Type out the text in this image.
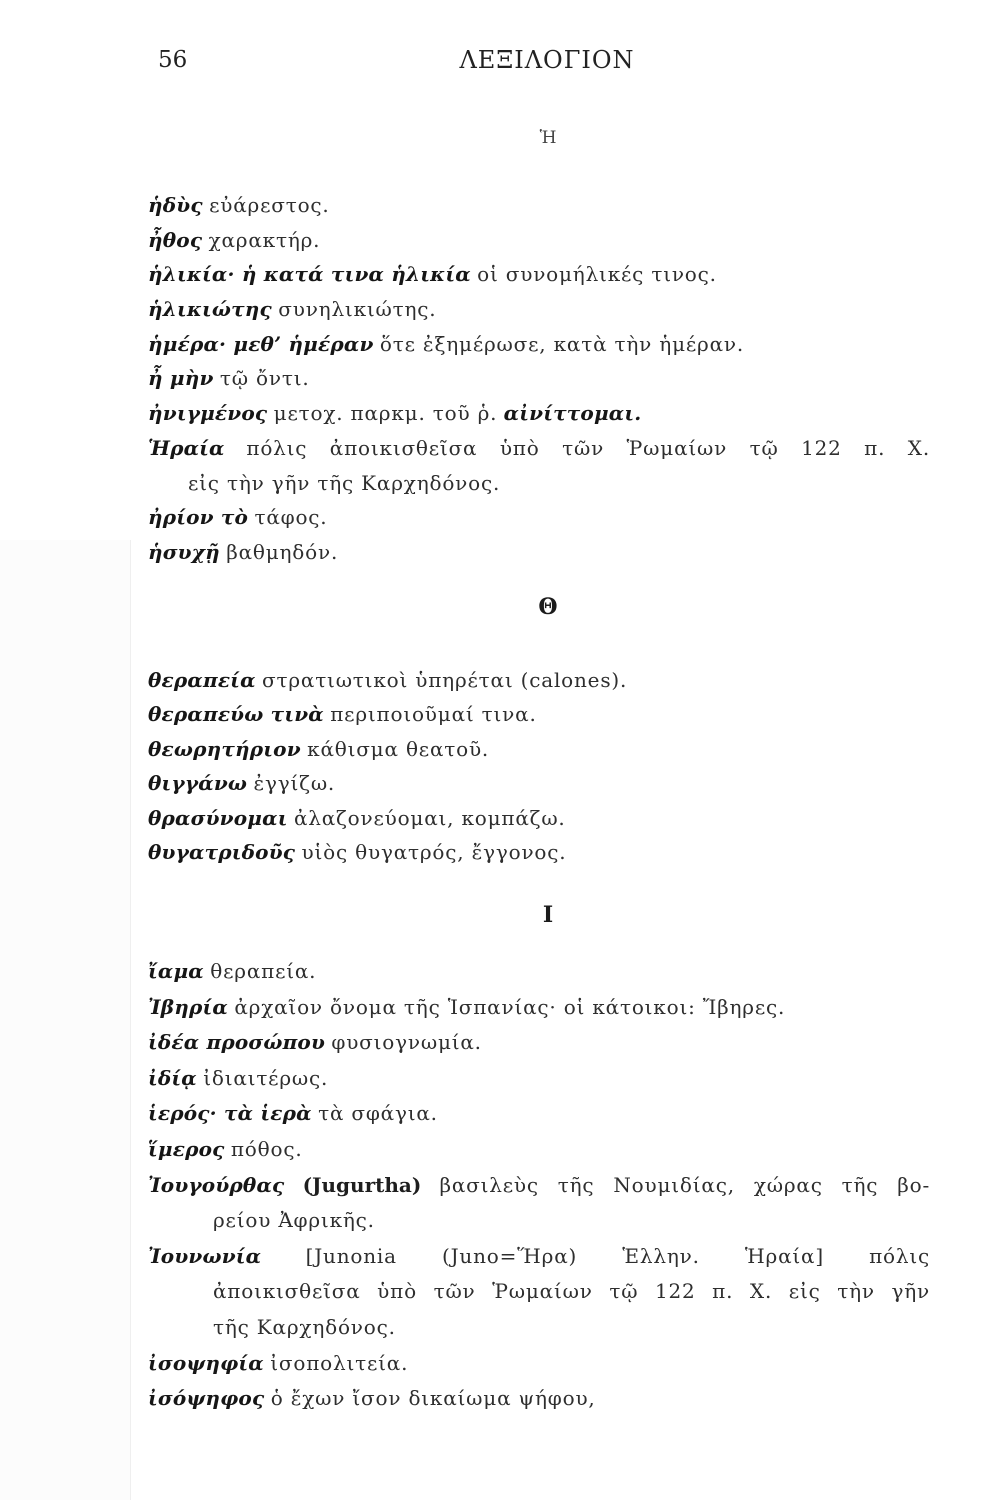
56	ΛΕΞΙΛΟΓΙΟΝ
Ἡ
ἡδὺς εὐάρεστος.
ἦθος χαρακτήρ.
ἡλικία· ἡ κατά τινα ἡλικία οἱ συνομήλικές τινος.
ἡλικιώτης συνηλικιώτης.
ἡμέρα· μεθ’ ἡμέραν ὅτε ἐξημέρωσε, κατὰ τὴν ἡμέραν.
ἦ μὴν τῷ ὄντι.
ἠνιγμένος μετοχ. παρκμ. τοῦ ῥ. αἰνίττομαι.
Ἡραία πόλις ἀποικισθεῖσα ὑπὸ τῶν Ῥωμαίων τῷ 122 π. Χ.
εἰς τὴν γῆν τῆς Καρχηδόνος.
ἠρίον τὸ τάφος.
ἡσυχῇ βαθμηδόν.
Θ
θεραπεία στρατιωτικοὶ ὑπηρέται (calones).
θεραπεύω τινὰ περιποιοῦμαί τινα.
θεωρητήριον κάθισμα θεατοῦ.
θιγγάνω ἐγγίζω.
θρασύνομαι ἀλαζονεύομαι, κομπάζω.
θυγατριδοῦς υἱὸς θυγατρός, ἔγγονος.
Ι
ἴαμα θεραπεία.
Ἰβηρία ἀρχαῖον ὄνομα τῆς Ἱσπανίας· οἱ κάτοικοι: Ἴβηρες.
ἰδέα προσώπου φυσιογνωμία.
ἰδίᾳ ἰδιαιτέρως.
ἱερός· τὰ ἱερὰ τὰ σφάγια.
ἵμερος πόθος.
Ἰουγούρθας (Jugurtha) βασιλεὺς τῆς Νουμιδίας, χώρας τῆς βο-
ρείου Ἀφρικῆς.
Ἰουνωνία [Junonia (Juno=Ἥρα) Ἑλλην. Ἡραία] πόλις
ἀποικισθεῖσα ὑπὸ τῶν Ῥωμαίων τῷ 122 π. Χ. εἰς τὴν γῆν
τῆς Καρχηδόνος.
ἰσοψηφία ἰσοπολιτεία.
ἰσόψηφος ὁ ἔχων ἴσον δικαίωμα ψήφου,
